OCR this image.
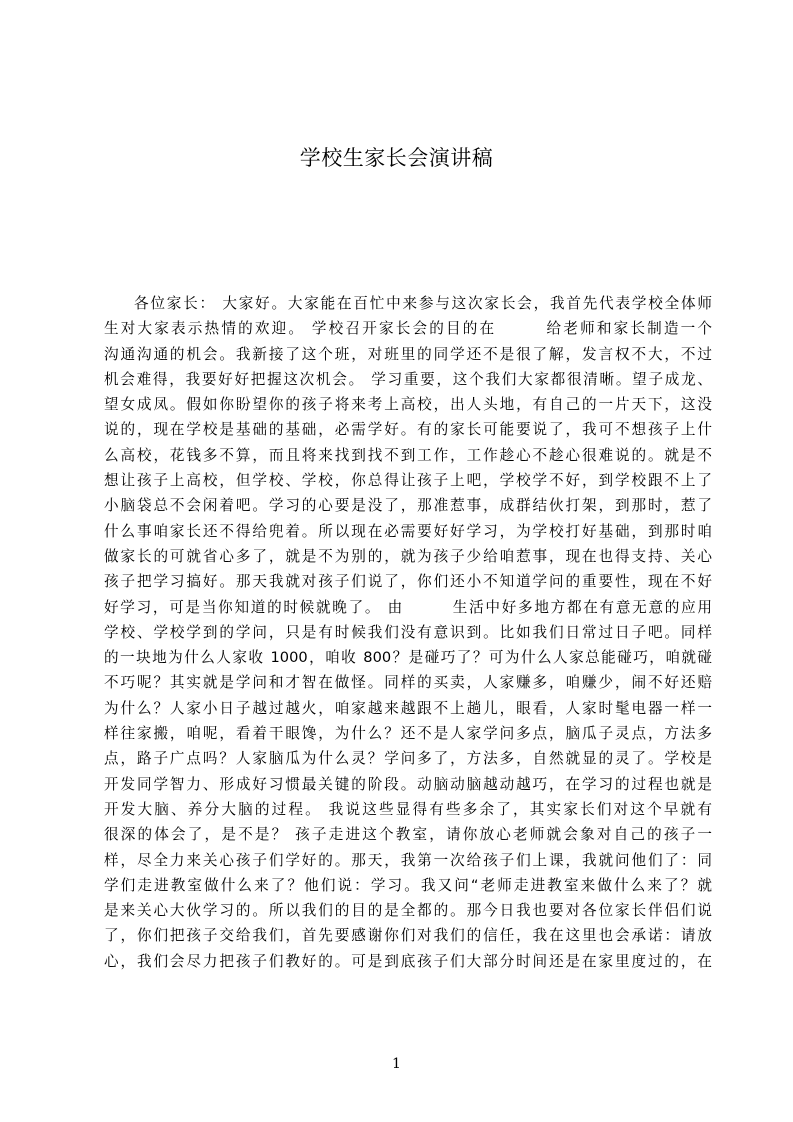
学校生家长会演讲稿
各位家长： 大家好。大家能在百忙中来参与这次家长会，我首先代表学校全体师
生对大家表示热情的欢迎。 学校召开家长会的目的在　　　给老师和家长制造一个
沟通沟通的机会。我新接了这个班，对班里的同学还不是很了解，发言权不大，不过
机会难得，我要好好把握这次机会。 学习重要，这个我们大家都很清晰。望子成龙、
望女成凤。假如你盼望你的孩子将来考上高校，出人头地，有自己的一片天下，这没
说的，现在学校是基础的基础，必需学好。有的家长可能要说了，我可不想孩子上什
么高校，花钱多不算，而且将来找到找不到工作，工作趁心不趁心很难说的。就是不
想让孩子上高校，但学校、学校，你总得让孩子上吧，学校学不好，到学校跟不上了
小脑袋总不会闲着吧。学习的心要是没了，那准惹事，成群结伙打架，到那时，惹了
什么事咱家长还不得给兜着。所以现在必需要好好学习，为学校打好基础，到那时咱
做家长的可就省心多了，就是不为别的，就为孩子少给咱惹事，现在也得支持、关心
孩子把学习搞好。那天我就对孩子们说了，你们还小不知道学问的重要性，现在不好
好学习，可是当你知道的时候就晚了。 由　　　生活中好多地方都在有意无意的应用
学校、学校学到的学问，只是有时候我们没有意识到。比如我们日常过日子吧。同样
的一块地为什么人家收 1000，咱收 800？是碰巧了？可为什么人家总能碰巧，咱就碰
不巧呢？其实就是学问和才智在做怪。同样的买卖，人家赚多，咱赚少，闹不好还赔
为什么？人家小日子越过越火，咱家越来越跟不上趟儿，眼看，人家时髦电器一样一
样往家搬，咱呢，看着干眼馋，为什么？还不是人家学问多点，脑瓜子灵点，方法多
点，路子广点吗？人家脑瓜为什么灵？学问多了，方法多，自然就显的灵了。学校是
开发同学智力、形成好习惯最关键的阶段。动脑动脑越动越巧，在学习的过程也就是
开发大脑、养分大脑的过程。 我说这些显得有些多余了，其实家长们对这个早就有
很深的体会了，是不是？ 孩子走进这个教室，请你放心老师就会象对自己的孩子一
样，尽全力来关心孩子们学好的。那天，我第一次给孩子们上课，我就问他们了：同
学们走进教室做什么来了？他们说：学习。我又问“老师走进教室来做什么来了？就
是来关心大伙学习的。所以我们的目的是全都的。那今日我也要对各位家长伴侣们说
了，你们把孩子交给我们，首先要感谢你们对我们的信任，我在这里也会承诺：请放
心，我们会尽力把孩子们教好的。可是到底孩子们大部分时间还是在家里度过的，在
1
